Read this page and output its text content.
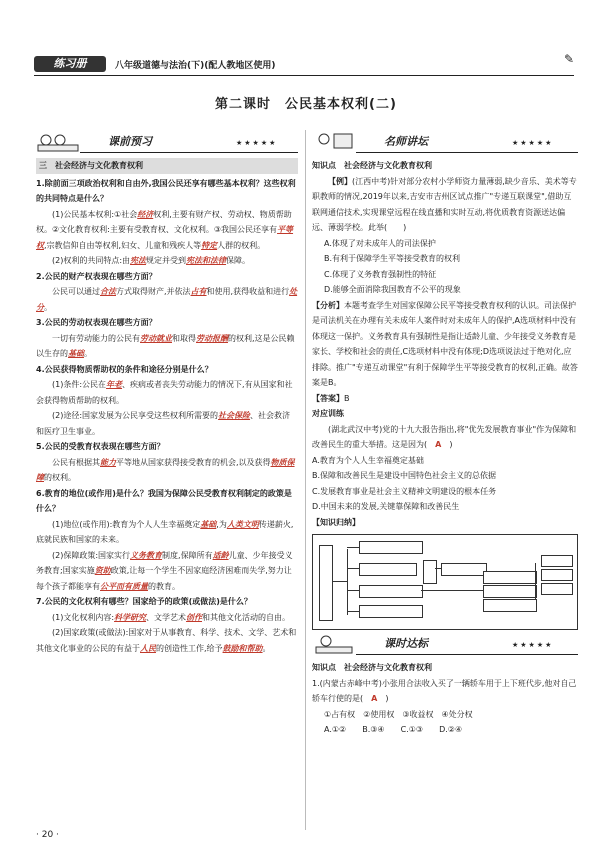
练习册	八年级道德与法治(下)(配人教地区使用)	✎
第二课时　公民基本权利(二)
课前预习	★★★★★
三　社会经济与文化教育权利
1.除前面三项政治权利和自由外,我国公民还享有哪些基本权利？这些权利的共同特点是什么？
(1)公民基本权利:①社会经济权利,主要有财产权、劳动权、物质帮助权。②文化教育权利:主要有受教育权、文化权利。③我国公民还享有平等权,宗教信仰自由等权利,妇女、儿童和残疾人等特定人群的权利。
(2)权利的共同特点:由宪法规定并受到宪法和法律保障。
2.公民的财产权表现在哪些方面？
公民可以通过合法方式取得财产,并依法占有和使用,获得收益和进行处分。
3.公民的劳动权表现在哪些方面？
一切有劳动能力的公民有劳动就业和取得劳动报酬的权利,这是公民赖以生存的基础。
4.公民获得物质帮助权的条件和途径分别是什么？
(1)条件:公民在年老、疾病或者丧失劳动能力的情况下,有从国家和社会获得物质帮助的权利。
(2)途径:国家发展为公民享受这些权利所需要的社会保险、社会救济和医疗卫生事业。
5.公民的受教育权表现在哪些方面？
公民有根据其能力平等地从国家获得接受教育的机会,以及获得物质保障的权利。
6.教育的地位(或作用)是什么？我国为保障公民受教育权利制定的政策是什么？
(1)地位(或作用):教育为个人人生幸福奠定基础,为人类文明传递薪火,底就民族和国家的未来。
(2)保障政策:国家实行义务教育制度,保障所有适龄儿童、少年接受义务教育;国家实施资助政策,让每一个学生不因家庭经济困难而失学,努力让每个孩子都能享有公平而有质量的教育。
7.公民的文化权利有哪些？国家给予的政策(或做法)是什么？
(1)文化权利内容:科学研究、文学艺术创作和其他文化活动的自由。
(2)国家政策(或做法):国家对于从事教育、科学、技术、文学、艺术和其他文化事业的公民的有益于人民的创造性工作,给予鼓励和帮助。
名师讲坛	★★★★★
知识点　社会经济与文化教育权利
【例】(江西中考)针对部分农村小学师资力量薄弱,缺少音乐、美术等专职教师的情况,2019年以来,吉安市吉州区试点推广"专递互联课堂",借助互联网通信技术,实现课堂远程在线直播和实时互动,将优质教育资源送达偏远、薄弱学校。此举(　　)
A.体现了对未成年人的司法保护
B.有利于保障学生平等接受教育的权利
C.体现了义务教育强制性的特征
D.能够全面消除我国教育不公平的现象
【分析】本题考查学生对国家保障公民平等接受教育权利的认识。司法保护是司法机关在办理有关未成年人案件时对未成年人的保护,A选项材料中没有体现这一保护。义务教育具有强制性是指让适龄儿童、少年接受义务教育是家长、学校和社会的责任,C选项材料中没有体现;D选项说法过于绝对化,应排除。推广"专递互动课堂"有利于保障学生平等接受教育的权利,正确。故答案是B。
【答案】B
对应训练
(湖北武汉中考)党的十九大报告指出,将"优先发展教育事业"作为保障和改善民生的重大举措。这是因为(　 A　 )
A.教育为个人人生幸福奠定基础
B.保障和改善民生是建设中国特色社会主义的总依据
C.发展教育事业是社会主义精神文明建设的根本任务
D.中国未来的发展,关键靠保障和改善民生
【知识归纳】
课时达标	★★★★★
知识点　社会经济与文化教育权利
1.(内蒙古赤峰中考)小张用合法收入买了一辆轿车用于上下班代步,他对自己轿车行使的是(　 A　 )
①占有权　②使用权　③收益权　④处分权
A.①②　　B.③④　　C.①③　　D.②④
· 20 ·
